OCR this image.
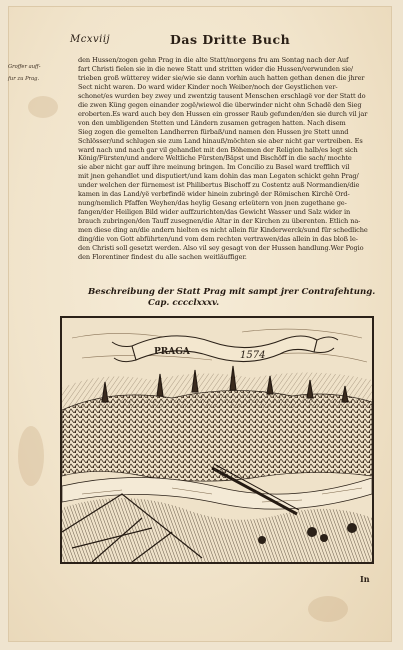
Mcxviij	Das Dritte Buch
Groffer auff-
fur zu Prag.
den Hussen/zogen gehn Prag in die alte Statt/morgens fru am Sontag nach der Auf
fart Christi fielen sie in die newe Statt und stritten wider die Hussen/verwunden sie/
trieben groß wütterey wider sie/wie sie dann vorhin auch hatten gethan denen die jhrer
Sect nicht waren. Do ward wider Kinder noch Weiber/noch der Geystlichen ver-
schonet/es wurden bey zwey und zwentzig tausent Menschen erschlagë vor der Statt do
die zwen Küng gegen einander zogë/wiewol die überwinder nicht ohn Schadë den Sieg
eroberten.Es ward auch bey den Hussen ein grosser Raub gefunden/den sie durch vil jar
von den umbligenden Stetten und Ländern zusamen getragen hatten. Nach disem
Sieg zogen die gemelten Landherren fürbaß/und namen den Hussen jre Stett unnd
Schlösser/und schlugen sie zum Land hinauß/möchten sie aber nicht gar vertreiben. Es
ward nach und nach gar vil gehandlet mit den Böhemen der Religion halb/es legt sich
König/Fürsten/und andere Weltliche Fürsten/Bäpst und Bischöff in die sach/ mochte
sie aber nicht gar auff ihre meinung bringen. Im Concilio zu Basel ward trefflich vil
mit jnen gehandlet und disputiert/und kam dohin das man Legaten schickt gehn Prag/
under welchen der fürnemest ist Philibertus Bischoff zu Costentz auß Normandien/die
kamen in das Land/yë verbrfindë wider hinein zubringë der Römischen Kirchë Ord-
nung/nemlich Pfaffen Weyhen/das heylig Gesang erleütern von jnen zugethane ge-
fangen/der Heiligen Bild wider auffzurichten/das Gewicht Wasser und Salz wider in
brauch zubringen/den Tauff zusegnen/die Altar in der Kirchen zu überenten. Etlich na-
men diese ding an/die andern hielten es nicht allein für Kinderwerck/sund für schedliche
ding/die von Gott abführten/und vom dem rechten vertrawen/das allein in das bloß le-
den Christi soll gesetzt werden. Also vil sey gesagt von der Hussen handlung.Wer Pogio
den Florentiner findest du alle sachen weitläuffiger.
Beschreibung der Statt Prag mit sampt jrer Contrafehtung.
Cap. cccclxxxv.
PRAGA	1574
In
